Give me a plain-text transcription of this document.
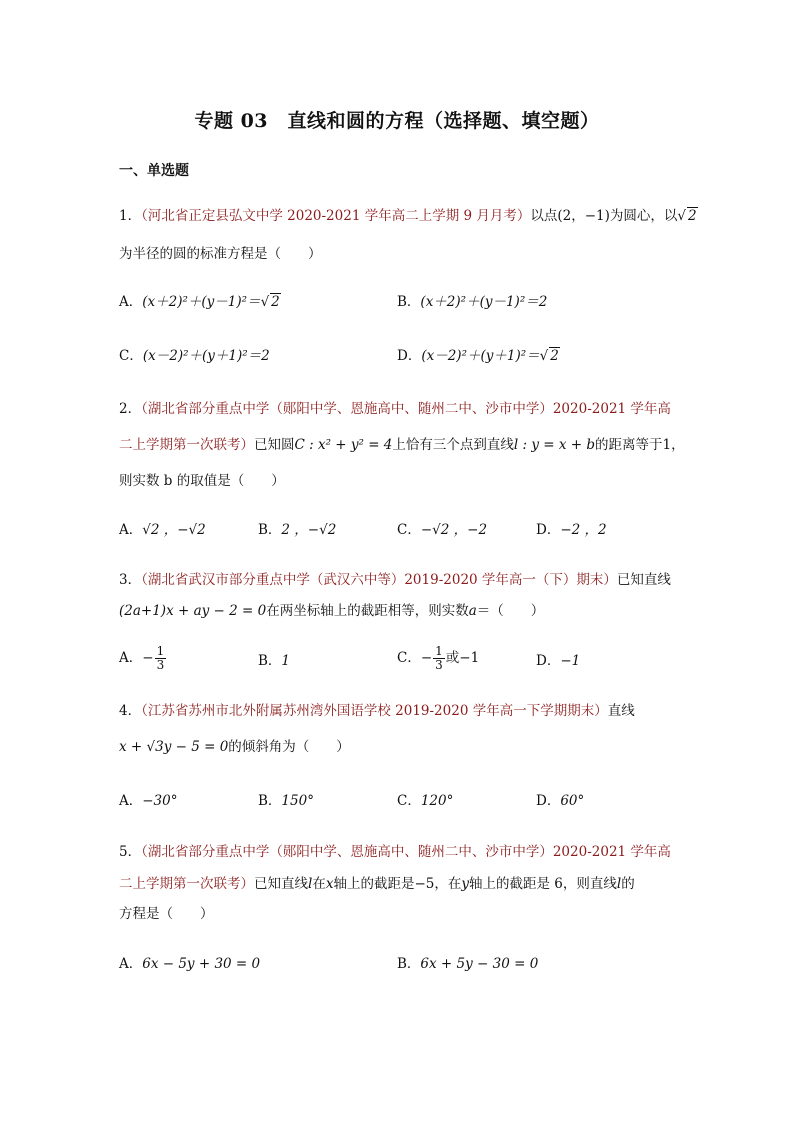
专题 03　直线和圆的方程（选择题、填空题）
一、单选题
1．（河北省正定县弘文中学 2020-2021 学年高二上学期 9 月月考）以点(2，−1)为圆心，以√ 2
为半径的圆的标准方程是（　　）
A．(x＋2)²＋(y－1)²＝√ 2	B．(x＋2)²＋(y－1)²＝2
C．(x－2)²＋(y＋1)²＝2	D．(x－2)²＋(y＋1)²＝√ 2
2．（湖北省部分重点中学（郧阳中学、恩施高中、随州二中、沙市中学）2020-2021 学年高
二上学期第一次联考）已知圆C : x² + y² = 4上恰有三个点到直线l : y = x + b的距离等于1，
则实数 b 的取值是（　　）
A．√2 ，−√2	B．2 ，−√2	C．−√2 ，−2	D．−2 ，2
3．（湖北省武汉市部分重点中学（武汉六中等）2019-2020 学年高一（下）期末）已知直线
(2a+1)x + ay − 2 = 0在两坐标轴上的截距相等，则实数a＝（　　）
A．− $\frac{1}{3}$	B．1	C．− $\frac{1}{3}$ 或−1	D．−1
4．（江苏省苏州市北外附属苏州湾外国语学校 2019-2020 学年高一下学期期末）直线
x + √3y − 5 = 0的倾斜角为（　　）
A．−30°	B．150°	C．120°	D．60°
5．（湖北省部分重点中学（郧阳中学、恩施高中、随州二中、沙市中学）2020-2021 学年高
二上学期第一次联考）已知直线l在x轴上的截距是−5，在y轴上的截距是 6，则直线l的
方程是（　　）
A．6x − 5y + 30 = 0	B．6x + 5y − 30 = 0
